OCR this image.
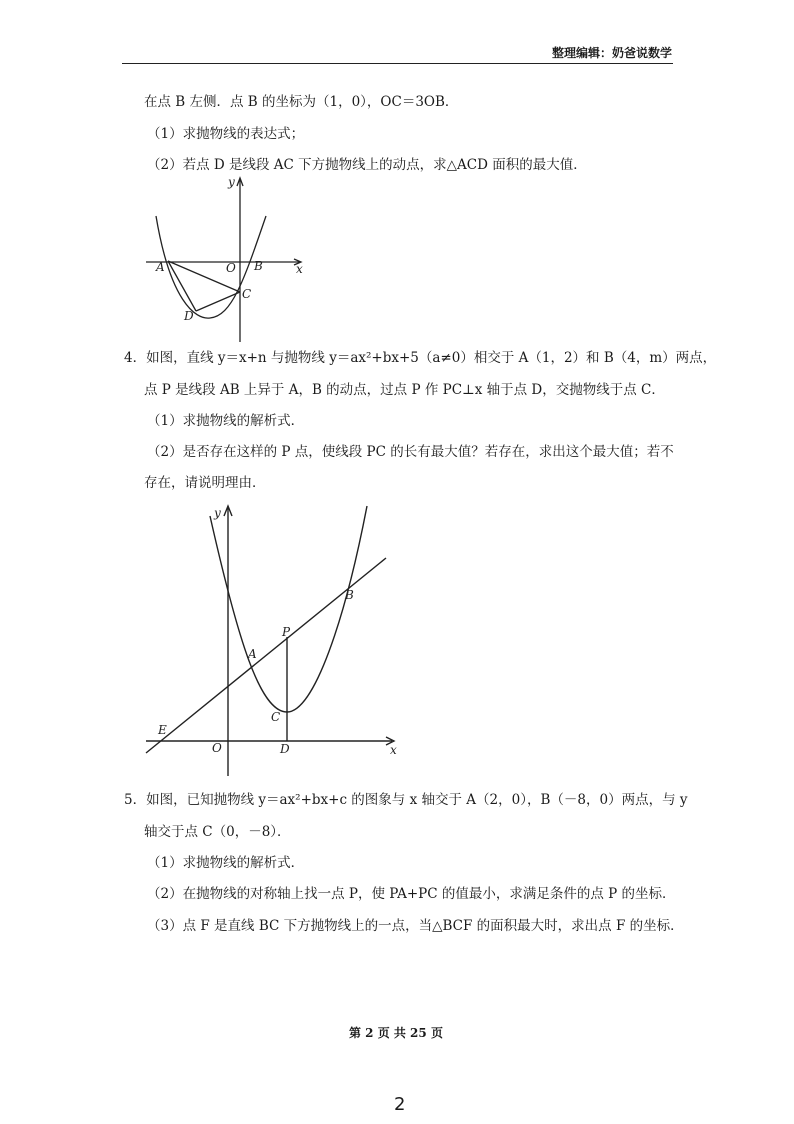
整理编辑：奶爸说数学
在点 B 左侧．点 B 的坐标为（1，0），OC＝3OB．
（1）求抛物线的表达式；
（2）若点 D 是线段 AC 下方抛物线上的动点，求△ACD 面积的最大值．
y
x
A	O B
C
D
4．如图，直线 y＝x+n 与抛物线 y＝ax²+bx+5（a≠0）相交于 A（1，2）和 B（4，m）两点，
点 P 是线段 AB 上异于 A，B 的动点，过点 P 作 PC⊥x 轴于点 D，交抛物线于点 C．
（1）求抛物线的解析式．
（2）是否存在这样的 P 点，使线段 PC 的长有最大值？若存在，求出这个最大值；若不
存在，请说明理由．
y
x
B
P
A
C
E
O	D
5．如图，已知抛物线 y＝ax²+bx+c 的图象与 x 轴交于 A（2，0），B（－8，0）两点，与 y
轴交于点 C（0，－8）．
（1）求抛物线的解析式．
（2）在抛物线的对称轴上找一点 P，使 PA+PC 的值最小，求满足条件的点 P 的坐标．
（3）点 F 是直线 BC 下方抛物线上的一点，当△BCF 的面积最大时，求出点 F 的坐标．
第 2 页 共 25 页
2
